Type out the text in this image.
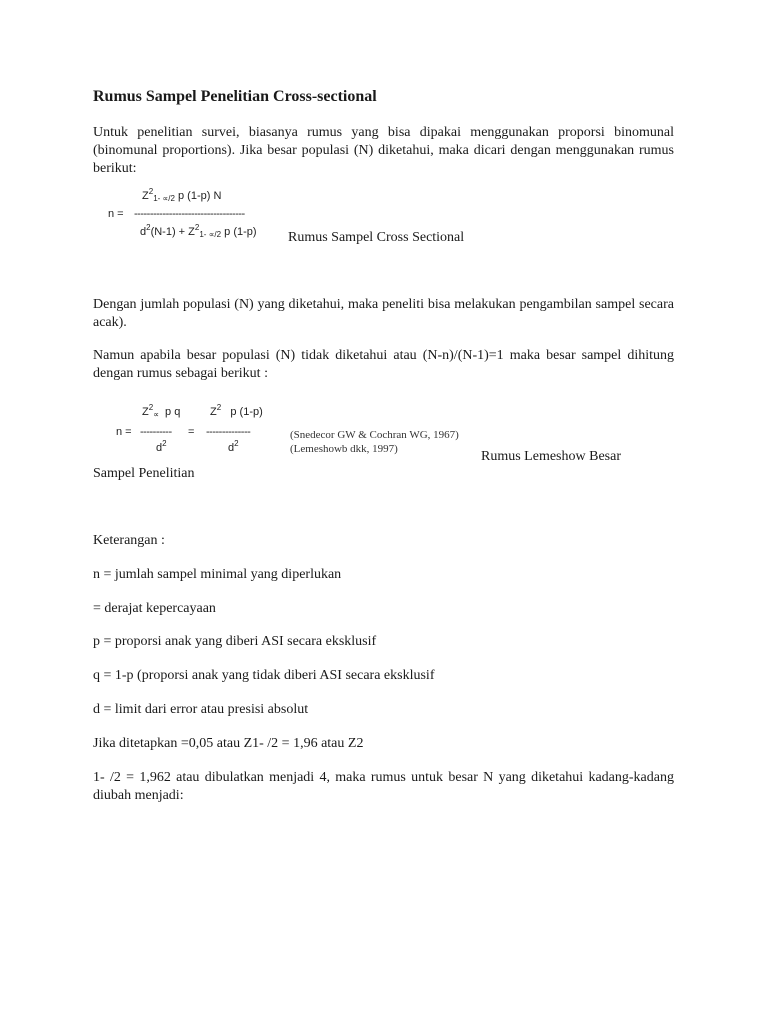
Rumus Sampel Penelitian Cross-sectional
Untuk penelitian survei, biasanya rumus yang bisa dipakai menggunakan proporsi binomunal (binomunal proportions). Jika besar populasi (N) diketahui, maka dicari dengan menggunakan rumus berikut:
$Z^21- \propto/2$ p (1-p) N
n = -----------------------------------
$d^2(N-1) + Z^21- \propto/2$ p (1-p) Rumus Sampel Cross Sectional
Dengan jumlah populasi (N) yang diketahui, maka peneliti bisa melakukan pengambilan sampel secara acak).
Namun apabila besar populasi (N) tidak diketahui atau (N-n)/(N-1)=1 maka besar sampel dihitung dengan rumus sebagai berikut :
$Z^2\propto p$ q	$Z^2$ p (1-p)
n = ---------- = --------------
$d^2$	$d^2$
(Snedecor GW & Cochran WG, 1967)
(Lemeshowb dkk, 1997)	Rumus Lemeshow Besar
Sampel Penelitian
Keterangan :
n = jumlah sampel minimal yang diperlukan
= derajat kepercayaan
p = proporsi anak yang diberi ASI secara eksklusif
q = 1-p (proporsi anak yang tidak diberi ASI secara eksklusif
d = limit dari error atau presisi absolut
Jika ditetapkan =0,05 atau Z1- /2 = 1,96 atau Z2
1- /2 = 1,962 atau dibulatkan menjadi 4, maka rumus untuk besar N yang diketahui kadang-kadang diubah menjadi:
